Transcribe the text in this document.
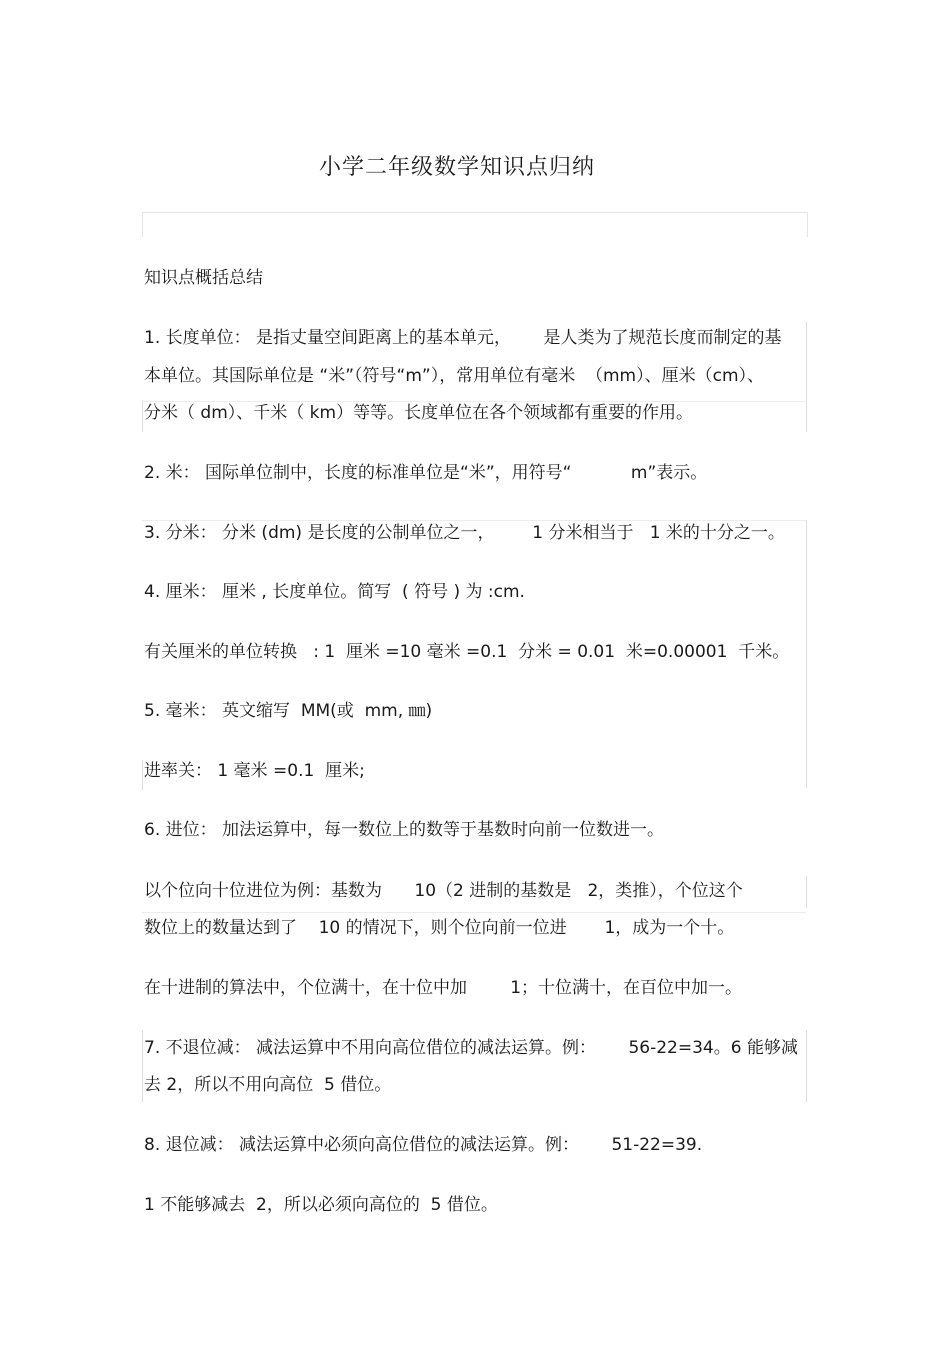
小学二年级数学知识点归纳

知识点概括总结

1. 长度单位： 是指丈量空间距离上的基本单元，      是人类为了规范长度而制定的基

本单位。其国际单位是 “米”（符号“m”），常用单位有毫米  （mm）、厘米（cm）、

分米（ dm）、千米（ km）等等。长度单位在各个领域都有重要的作用。

2. 米： 国际单位制中，长度的标准单位是“米”，用符号“           m”表示。

3. 分米： 分米 (dm) 是长度的公制单位之一，       1 分米相当于   1 米的十分之一。

4. 厘米： 厘米 , 长度单位。简写  ( 符号 ) 为 :cm.

有关厘米的单位转换   : 1  厘米 =10 毫米 =0.1  分米 = 0.01  米=0.00001  千米。

5. 毫米： 英文缩写  MM(或  mm, ㎜)

进率关： 1 毫米 =0.1  厘米;

6. 进位： 加法运算中，每一数位上的数等于基数时向前一位数进一。

以个位向十位进位为例：基数为      10（2 进制的基数是   2，类推），个位这个

数位上的数量达到了    10 的情况下，则个位向前一位进       1，成为一个十。

在十进制的算法中，个位满十，在十位中加        1；十位满十，在百位中加一。

7. 不退位减： 减法运算中不用向高位借位的减法运算。例：      56-22=34。6 能够减

去 2，所以不用向高位  5 借位。

8. 退位减： 减法运算中必须向高位借位的减法运算。例：      51-22=39.

1 不能够减去  2，所以必须向高位的  5 借位。
